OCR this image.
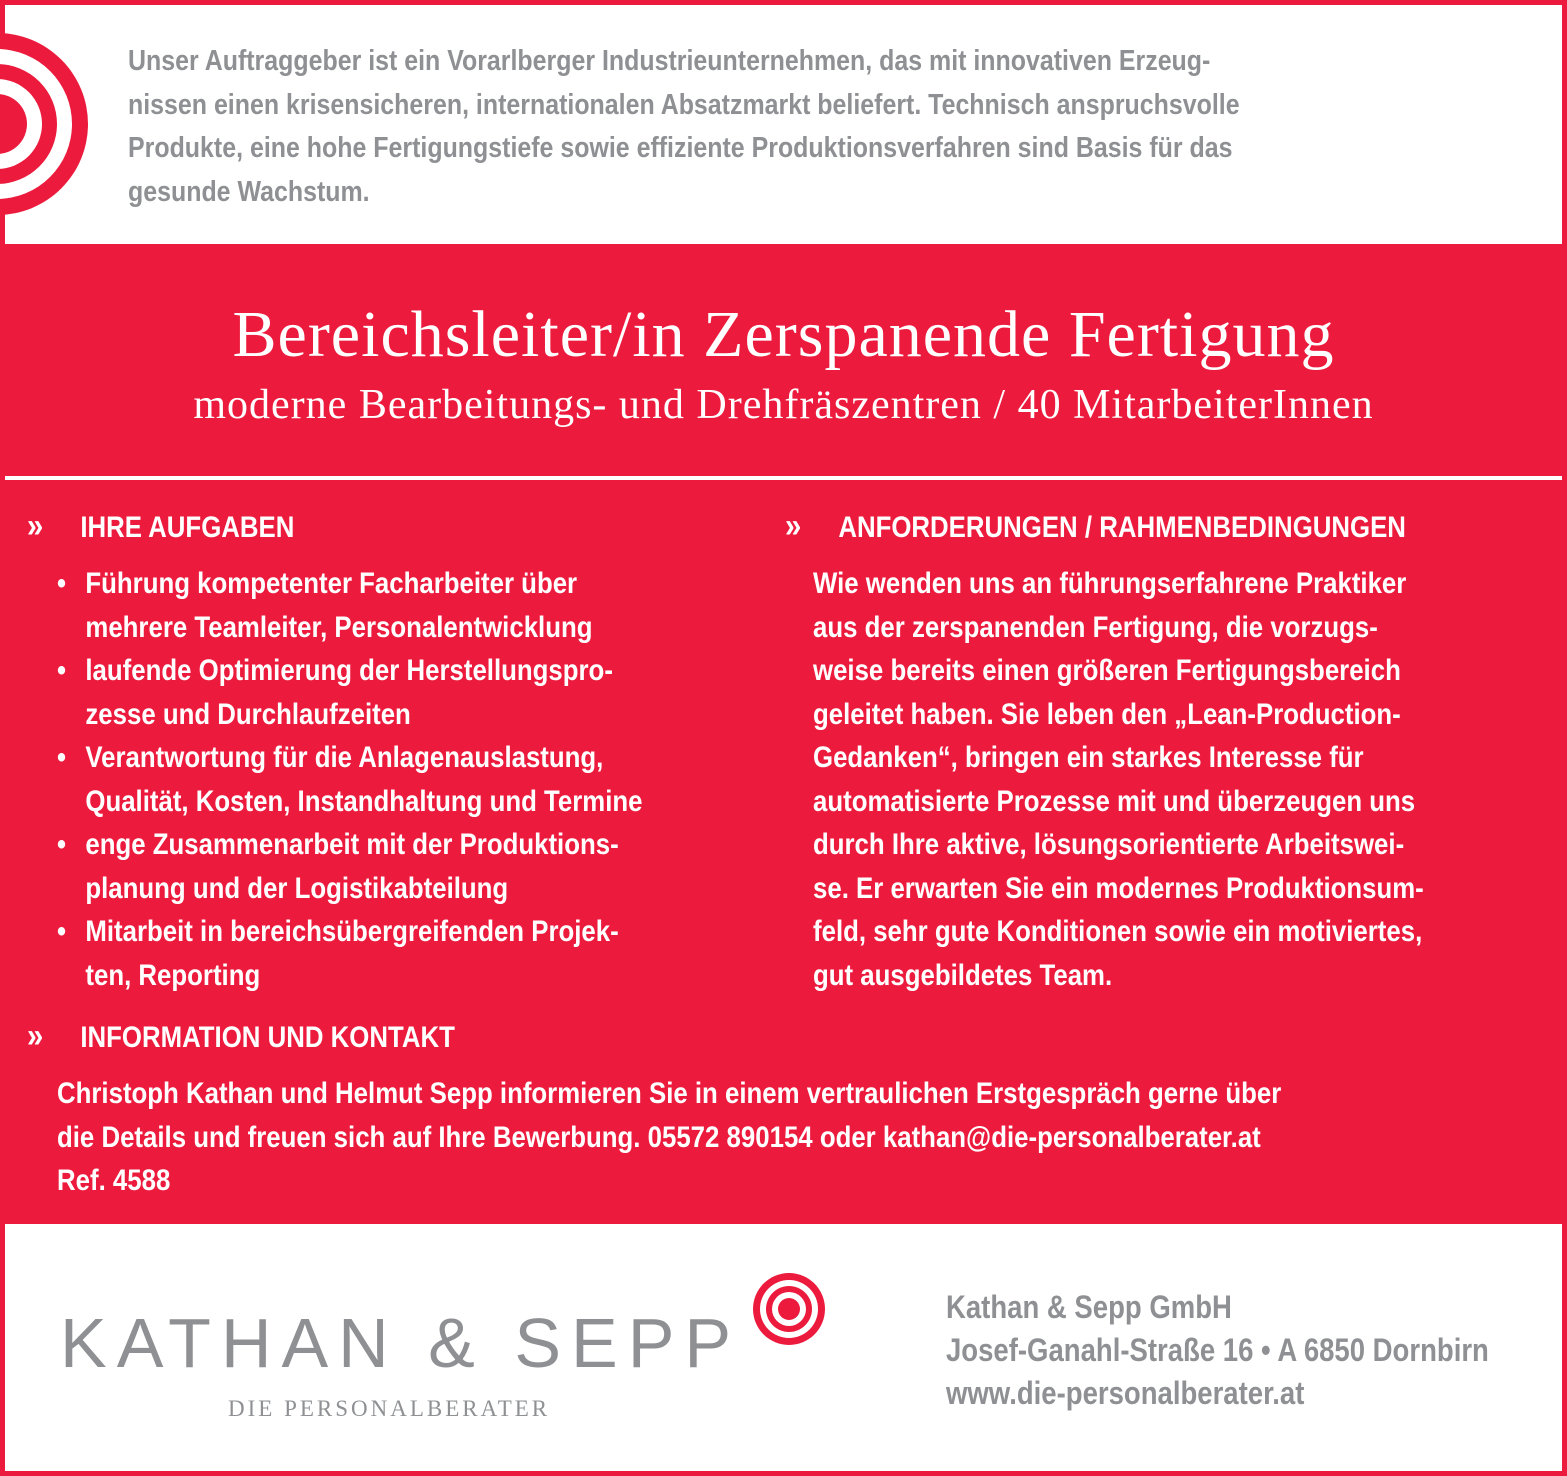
Unser Auftraggeber ist ein Vorarlberger Industrieunternehmen, das mit innovativen Erzeug-
nissen einen krisensicheren, internationalen Absatzmarkt beliefert. Technisch anspruchsvolle
Produkte, eine hohe Fertigungstiefe sowie effiziente Produktionsverfahren sind Basis für das
gesunde Wachstum.
Bereichsleiter/in Zerspanende Fertigung
moderne Bearbeitungs- und Drehfräszentren / 40 MitarbeiterInnen
» IHRE AUFGABEN	» ANFORDERUNGEN / RAHMENBEDINGUNGEN
• Führung kompetenter Facharbeiter über
mehrere Teamleiter, Personalentwicklung
• laufende Optimierung der Herstellungspro-
zesse und Durchlaufzeiten
• Verantwortung für die Anlagenauslastung,
Qualität, Kosten, Instandhaltung und Termine
• enge Zusammenarbeit mit der Produktions-
planung und der Logistikabteilung
• Mitarbeit in bereichsübergreifenden Projek-
ten, Reporting
Wie wenden uns an führungserfahrene Praktiker
aus der zerspanenden Fertigung, die vorzugs-
weise bereits einen größeren Fertigungsbereich
geleitet haben. Sie leben den „Lean-Production-
Gedanken“, bringen ein starkes Interesse für
automatisierte Prozesse mit und überzeugen uns
durch Ihre aktive, lösungsorientierte Arbeitswei-
se. Er erwarten Sie ein modernes Produktionsum-
feld, sehr gute Konditionen sowie ein motiviertes,
gut ausgebildetes Team.
» INFORMATION UND KONTAKT
Christoph Kathan und Helmut Sepp informieren Sie in einem vertraulichen Erstgespräch gerne über
die Details und freuen sich auf Ihre Bewerbung. 05572 890154 oder kathan@die-personalberater.at
Ref. 4588
KATHAN & SEPP
DIE PERSONALBERATER
Kathan & Sepp GmbH
Josef-Ganahl-Straße 16 • A 6850 Dornbirn
www.die-personalberater.at
